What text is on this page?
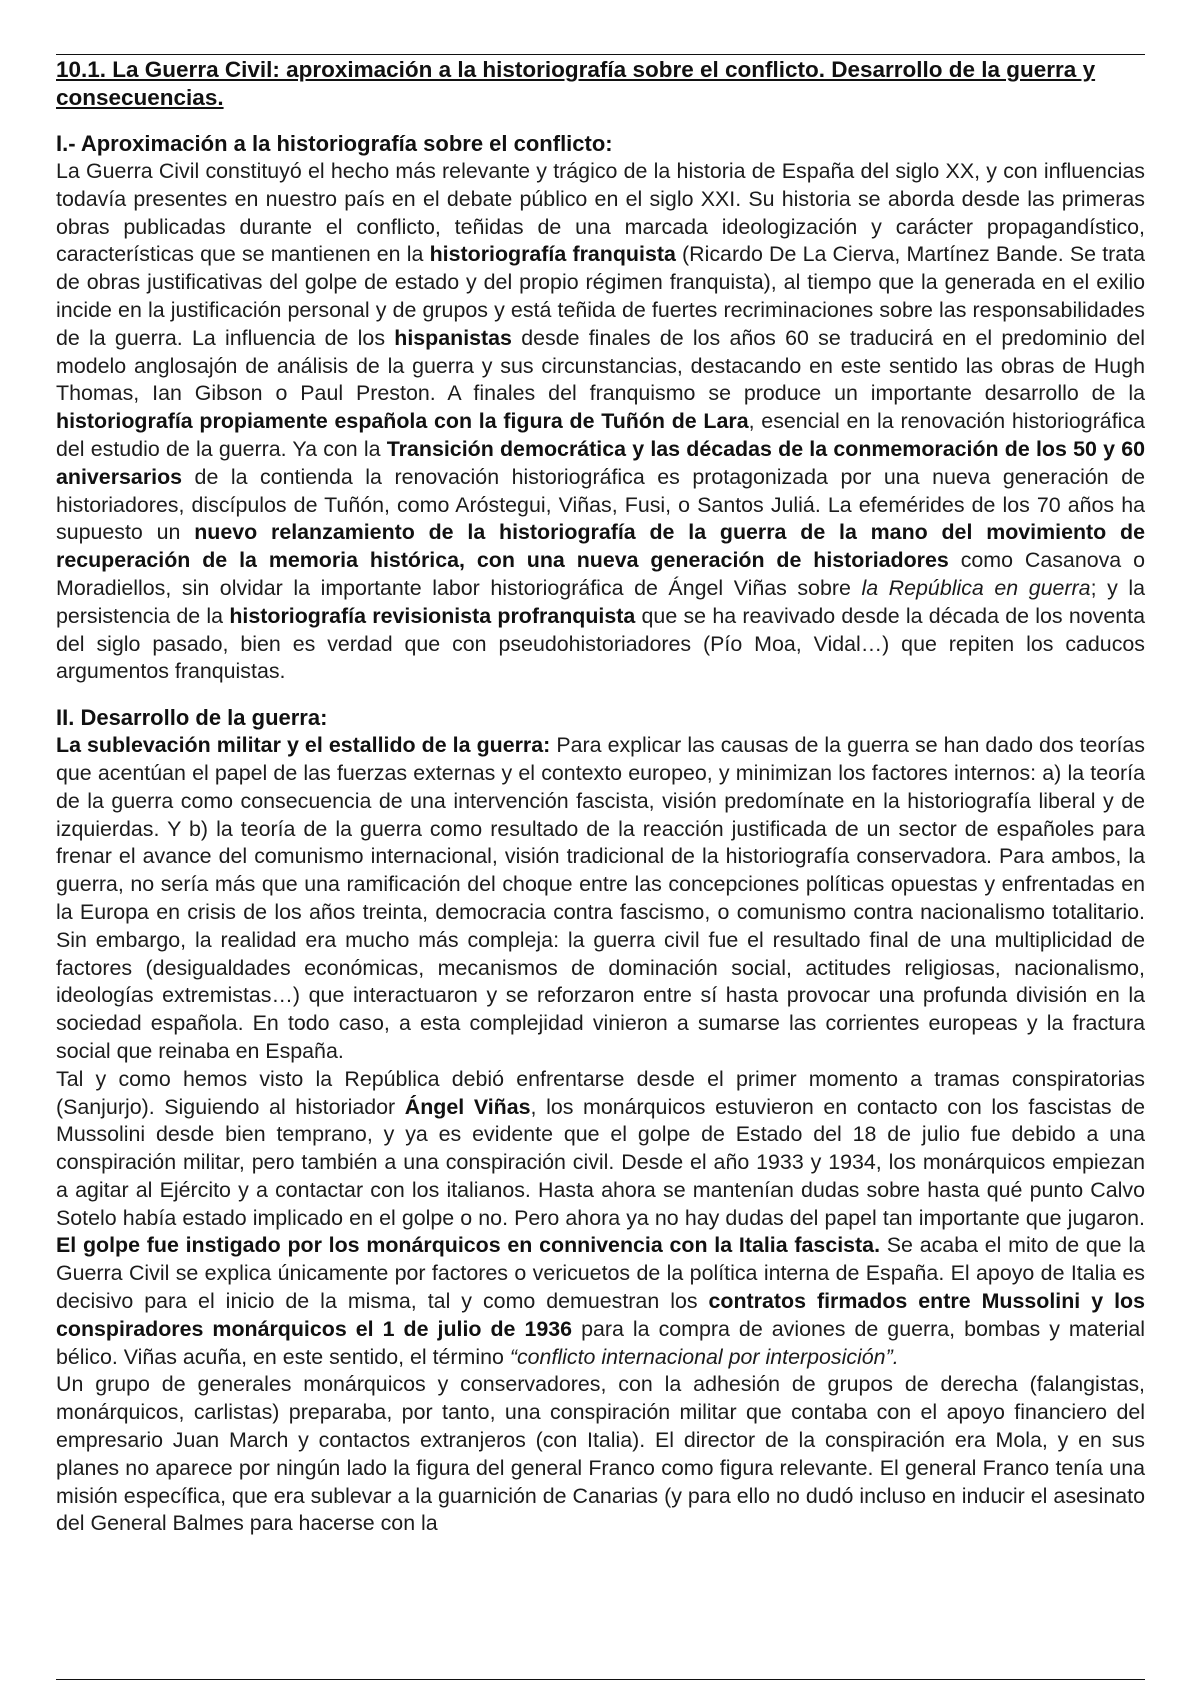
10.1. La Guerra Civil: aproximación a la historiografía sobre el conflicto. Desarrollo de la guerra y consecuencias.
I.- Aproximación a la historiografía sobre el conflicto:

La Guerra Civil constituyó el hecho más relevante y trágico de la historia de España del siglo XX, y con influencias todavía presentes en nuestro país en el debate público en el siglo XXI. Su historia se aborda desde las primeras obras publicadas durante el conflicto, teñidas de una marcada ideologización y carácter propagandístico, características que se mantienen en la historiografía franquista (Ricardo De La Cierva, Martínez Bande. Se trata de obras justificativas del golpe de estado y del propio régimen franquista), al tiempo que la generada en el exilio incide en la justificación personal y de grupos y está teñida de fuertes recriminaciones sobre las responsabilidades de la guerra. La influencia de los hispanistas desde finales de los años 60 se traducirá en el predominio del modelo anglosajón de análisis de la guerra y sus circunstancias, destacando en este sentido las obras de Hugh Thomas, Ian Gibson o Paul Preston. A finales del franquismo se produce un importante desarrollo de la historiografía propiamente española con la figura de Tuñón de Lara, esencial en la renovación historiográfica del estudio de la guerra. Ya con la Transición democrática y las décadas de la conmemoración de los 50 y 60 aniversarios de la contienda la renovación historiográfica es protagonizada por una nueva generación de historiadores, discípulos de Tuñón, como Aróstegui, Viñas, Fusi, o Santos Juliá. La efemérides de los 70 años ha supuesto un nuevo relanzamiento de la historiografía de la guerra de la mano del movimiento de recuperación de la memoria histórica, con una nueva generación de historiadores como Casanova o Moradiellos, sin olvidar la importante labor historiográfica de Ángel Viñas sobre la República en guerra; y la persistencia de la historiografía revisionista profranquista que se ha reavivado desde la década de los noventa del siglo pasado, bien es verdad que con pseudohistoriadores (Pío Moa, Vidal…) que repiten los caducos argumentos franquistas.

II. Desarrollo de la guerra:

La sublevación militar y el estallido de la guerra: Para explicar las causas de la guerra se han dado dos teorías que acentúan el papel de las fuerzas externas y el contexto europeo, y minimizan los factores internos: a) la teoría de la guerra como consecuencia de una intervención fascista, visión predomínate en la historiografía liberal y de izquierdas. Y b) la teoría de la guerra como resultado de la reacción justificada de un sector de españoles para frenar el avance del comunismo internacional, visión tradicional de la historiografía conservadora. Para ambos, la guerra, no sería más que una ramificación del choque entre las concepciones políticas opuestas y enfrentadas en la Europa en crisis de los años treinta, democracia contra fascismo, o comunismo contra nacionalismo totalitario. Sin embargo, la realidad era mucho más compleja: la guerra civil fue el resultado final de una multiplicidad de factores (desigualdades económicas, mecanismos de dominación social, actitudes religiosas, nacionalismo, ideologías extremistas…) que interactuaron y se reforzaron entre sí hasta provocar una profunda división en la sociedad española. En todo caso, a esta complejidad vinieron a sumarse las corrientes europeas y la fractura social que reinaba en España.

Tal y como hemos visto la República debió enfrentarse desde el primer momento a tramas conspiratorias (Sanjurjo). Siguiendo al historiador Ángel Viñas, los monárquicos estuvieron en contacto con los fascistas de Mussolini desde bien temprano, y ya es evidente que el golpe de Estado del 18 de julio fue debido a una conspiración militar, pero también a una conspiración civil. Desde el año 1933 y 1934, los monárquicos empiezan a agitar al Ejército y a contactar con los italianos. Hasta ahora se mantenían dudas sobre hasta qué punto Calvo Sotelo había estado implicado en el golpe o no. Pero ahora ya no hay dudas del papel tan importante que jugaron. El golpe fue instigado por los monárquicos en connivencia con la Italia fascista. Se acaba el mito de que la Guerra Civil se explica únicamente por factores o vericuetos de la política interna de España. El apoyo de Italia es decisivo para el inicio de la misma, tal y como demuestran los contratos firmados entre Mussolini y los conspiradores monárquicos el 1 de julio de 1936 para la compra de aviones de guerra, bombas y material bélico. Viñas acuña, en este sentido, el término “conflicto internacional por interposición”.

Un grupo de generales monárquicos y conservadores, con la adhesión de grupos de derecha (falangistas, monárquicos, carlistas) preparaba, por tanto, una conspiración militar que contaba con el apoyo financiero del empresario Juan March y contactos extranjeros (con Italia). El director de la conspiración era Mola, y en sus planes no aparece por ningún lado la figura del general Franco como figura relevante. El general Franco tenía una misión específica, que era sublevar a la guarnición de Canarias (y para ello no dudó incluso en inducir el asesinato del General Balmes para hacerse con la
